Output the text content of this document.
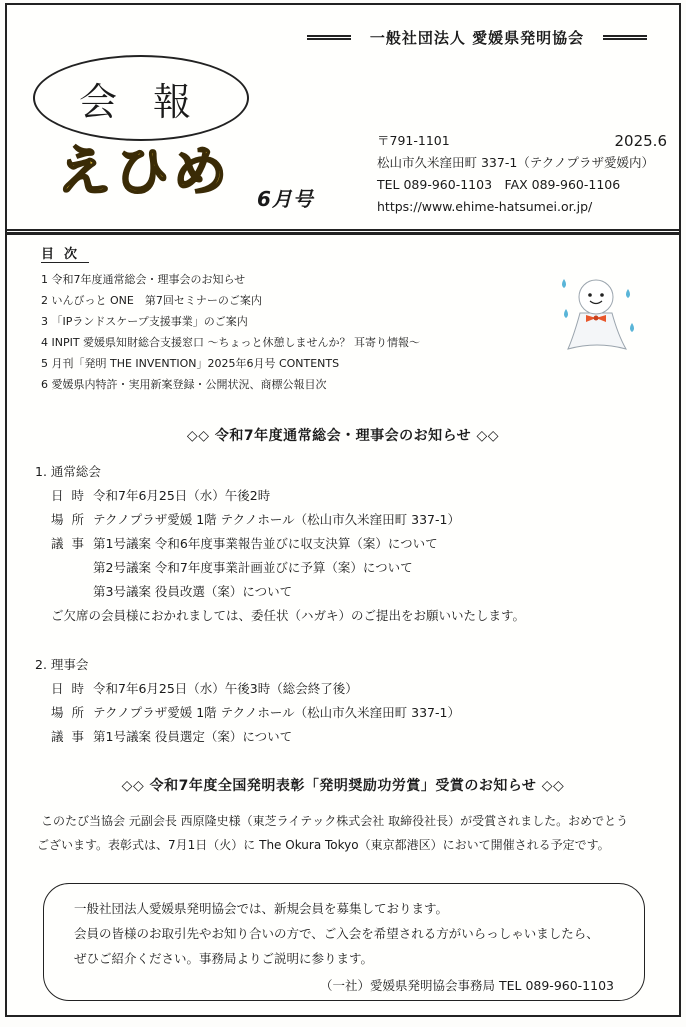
一般社団法人 愛媛県発明協会
会 報
えひめ 6月号
〒791-1101	2025.6
松山市久米窪田町 337-1（テクノプラザ愛媛内）
TEL 089-960-1103　FAX 089-960-1106
https://www.ehime-hatsumei.or.jp/
目次
1 令和7年度通常総会・理事会のお知らせ
2 いんびっと ONE　第7回セミナーのご案内
3 「IPランドスケープ支援事業」のご案内
4 INPIT 愛媛県知財総合支援窓口 ～ちょっと休憩しませんか？ 耳寄り情報～
5 月刊「発明 THE INVENTION」2025年6月号 CONTENTS
6 愛媛県内特許・実用新案登録・公開状況、商標公報目次
◇◇ 令和7年度通常総会・理事会のお知らせ ◇◇
1. 通常総会
日時令和7年6月25日（水）午後2時
場所テクノプラザ愛媛 1階 テクノホール（松山市久米窪田町 337-1）
議事第1号議案 令和6年度事業報告並びに収支決算（案）について
第2号議案 令和7年度事業計画並びに予算（案）について
第3号議案 役員改選（案）について
ご欠席の会員様におかれましては、委任状（ハガキ）のご提出をお願いいたします。
2. 理事会
日時令和7年6月25日（水）午後3時（総会終了後）
場所テクノプラザ愛媛 1階 テクノホール（松山市久米窪田町 337-1）
議事第1号議案 役員選定（案）について
◇◇ 令和7年度全国発明表彰「発明奨励功労賞」受賞のお知らせ ◇◇
このたび当協会 元副会長 西原隆史様（東芝ライテック株式会社 取締役社長）が受賞されました。おめでとう
ございます。表彰式は、7月1日（火）に The Okura Tokyo（東京都港区）において開催される予定です。
一般社団法人愛媛県発明協会では、新規会員を募集しております。
会員の皆様のお取引先やお知り合いの方で、ご入会を希望される方がいらっしゃいましたら、
ぜひご紹介ください。事務局よりご説明に参ります。
（一社）愛媛県発明協会事務局 TEL 089-960-1103
